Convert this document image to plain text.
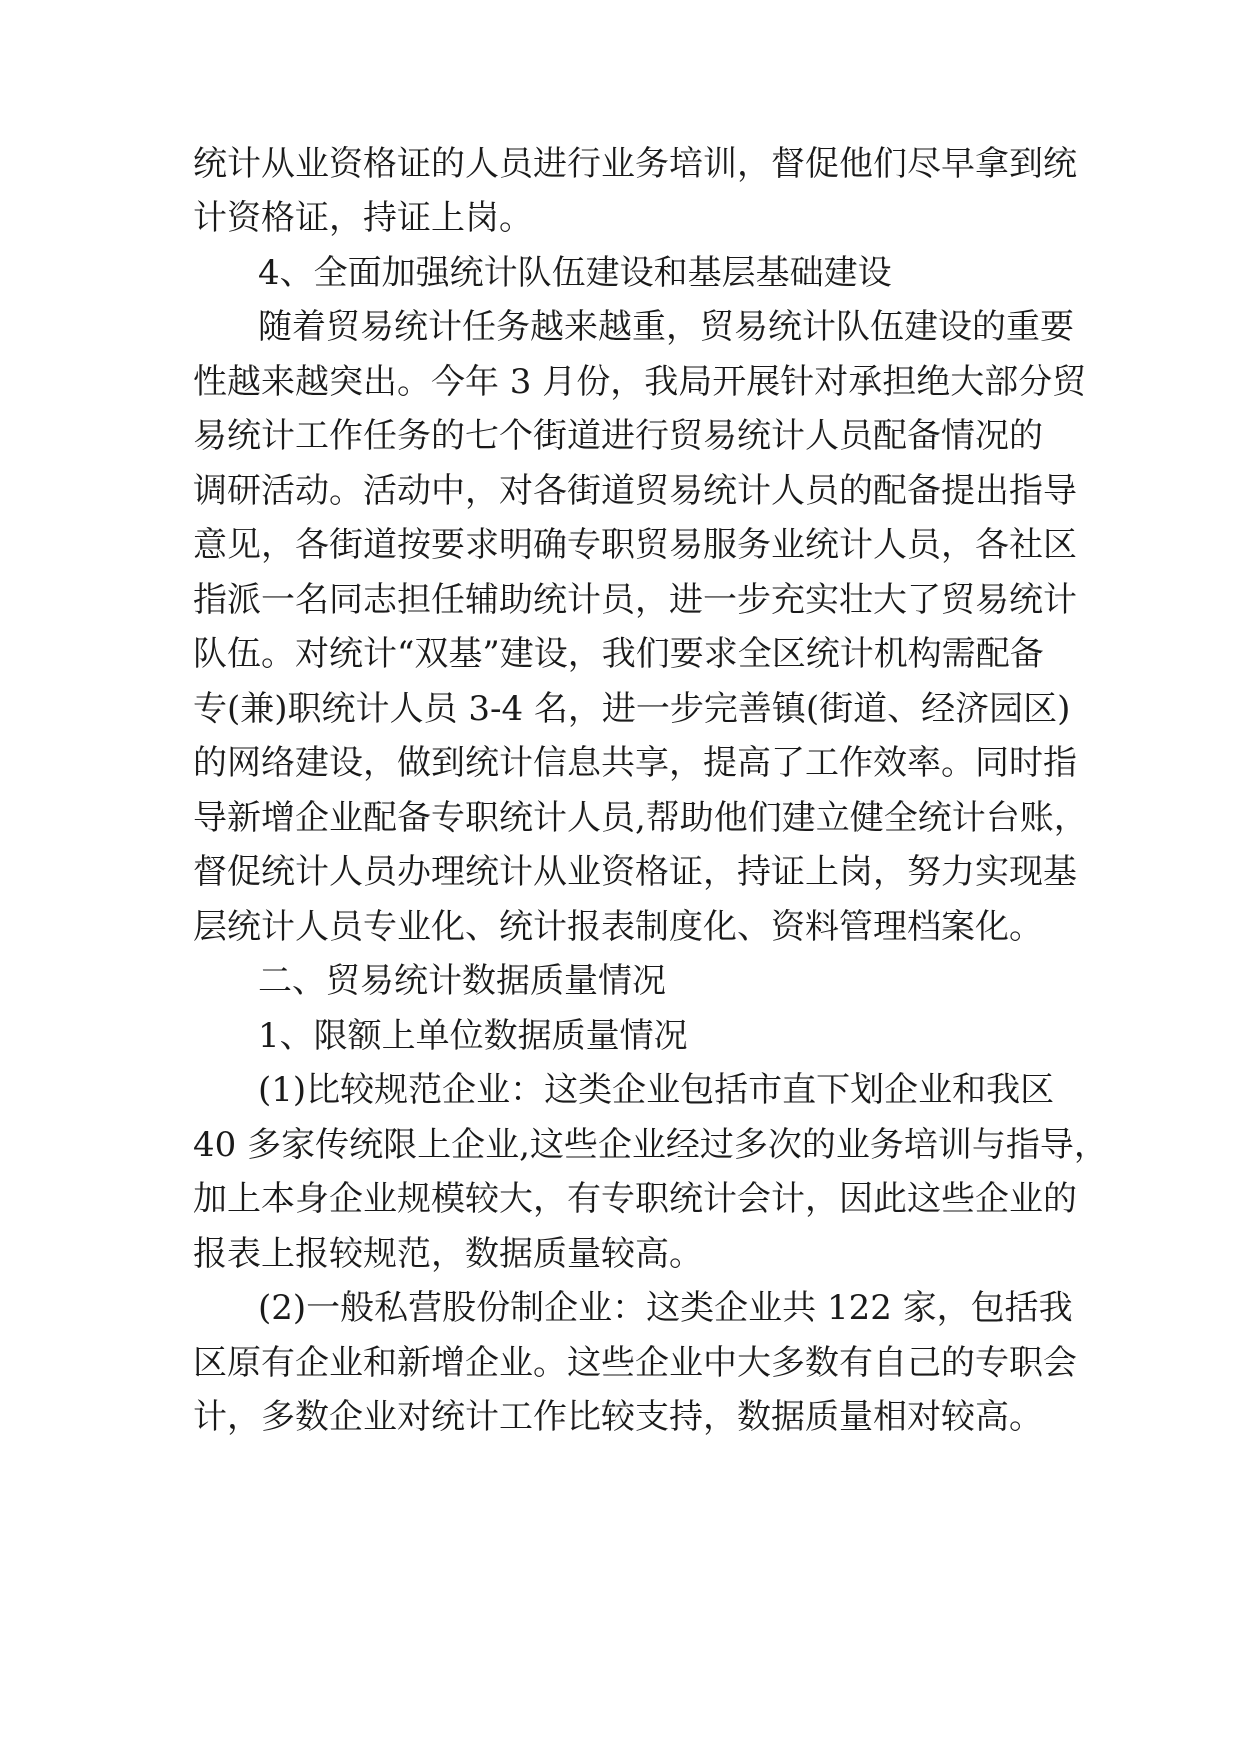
统计从业资格证的人员进行业务培训，督促他们尽早拿到统
计资格证，持证上岗。
4、全面加强统计队伍建设和基层基础建设
随着贸易统计任务越来越重，贸易统计队伍建设的重要
性越来越突出。今年 3 月份，我局开展针对承担绝大部分贸
易统计工作任务的七个街道进行贸易统计人员配备情况的
调研活动。活动中，对各街道贸易统计人员的配备提出指导
意见，各街道按要求明确专职贸易服务业统计人员，各社区
指派一名同志担任辅助统计员，进一步充实壮大了贸易统计
队伍。对统计“双基”建设，我们要求全区统计机构需配备
专(兼)职统计人员 3-4 名，进一步完善镇(街道、经济园区)
的网络建设，做到统计信息共享，提高了工作效率。同时指
导新增企业配备专职统计人员,帮助他们建立健全统计台账，
督促统计人员办理统计从业资格证，持证上岗，努力实现基
层统计人员专业化、统计报表制度化、资料管理档案化。
二、贸易统计数据质量情况
1、限额上单位数据质量情况
(1)比较规范企业：这类企业包括市直下划企业和我区
40 多家传统限上企业,这些企业经过多次的业务培训与指导，
加上本身企业规模较大，有专职统计会计，因此这些企业的
报表上报较规范，数据质量较高。
(2)一般私营股份制企业：这类企业共 122 家，包括我
区原有企业和新增企业。这些企业中大多数有自己的专职会
计，多数企业对统计工作比较支持，数据质量相对较高。
